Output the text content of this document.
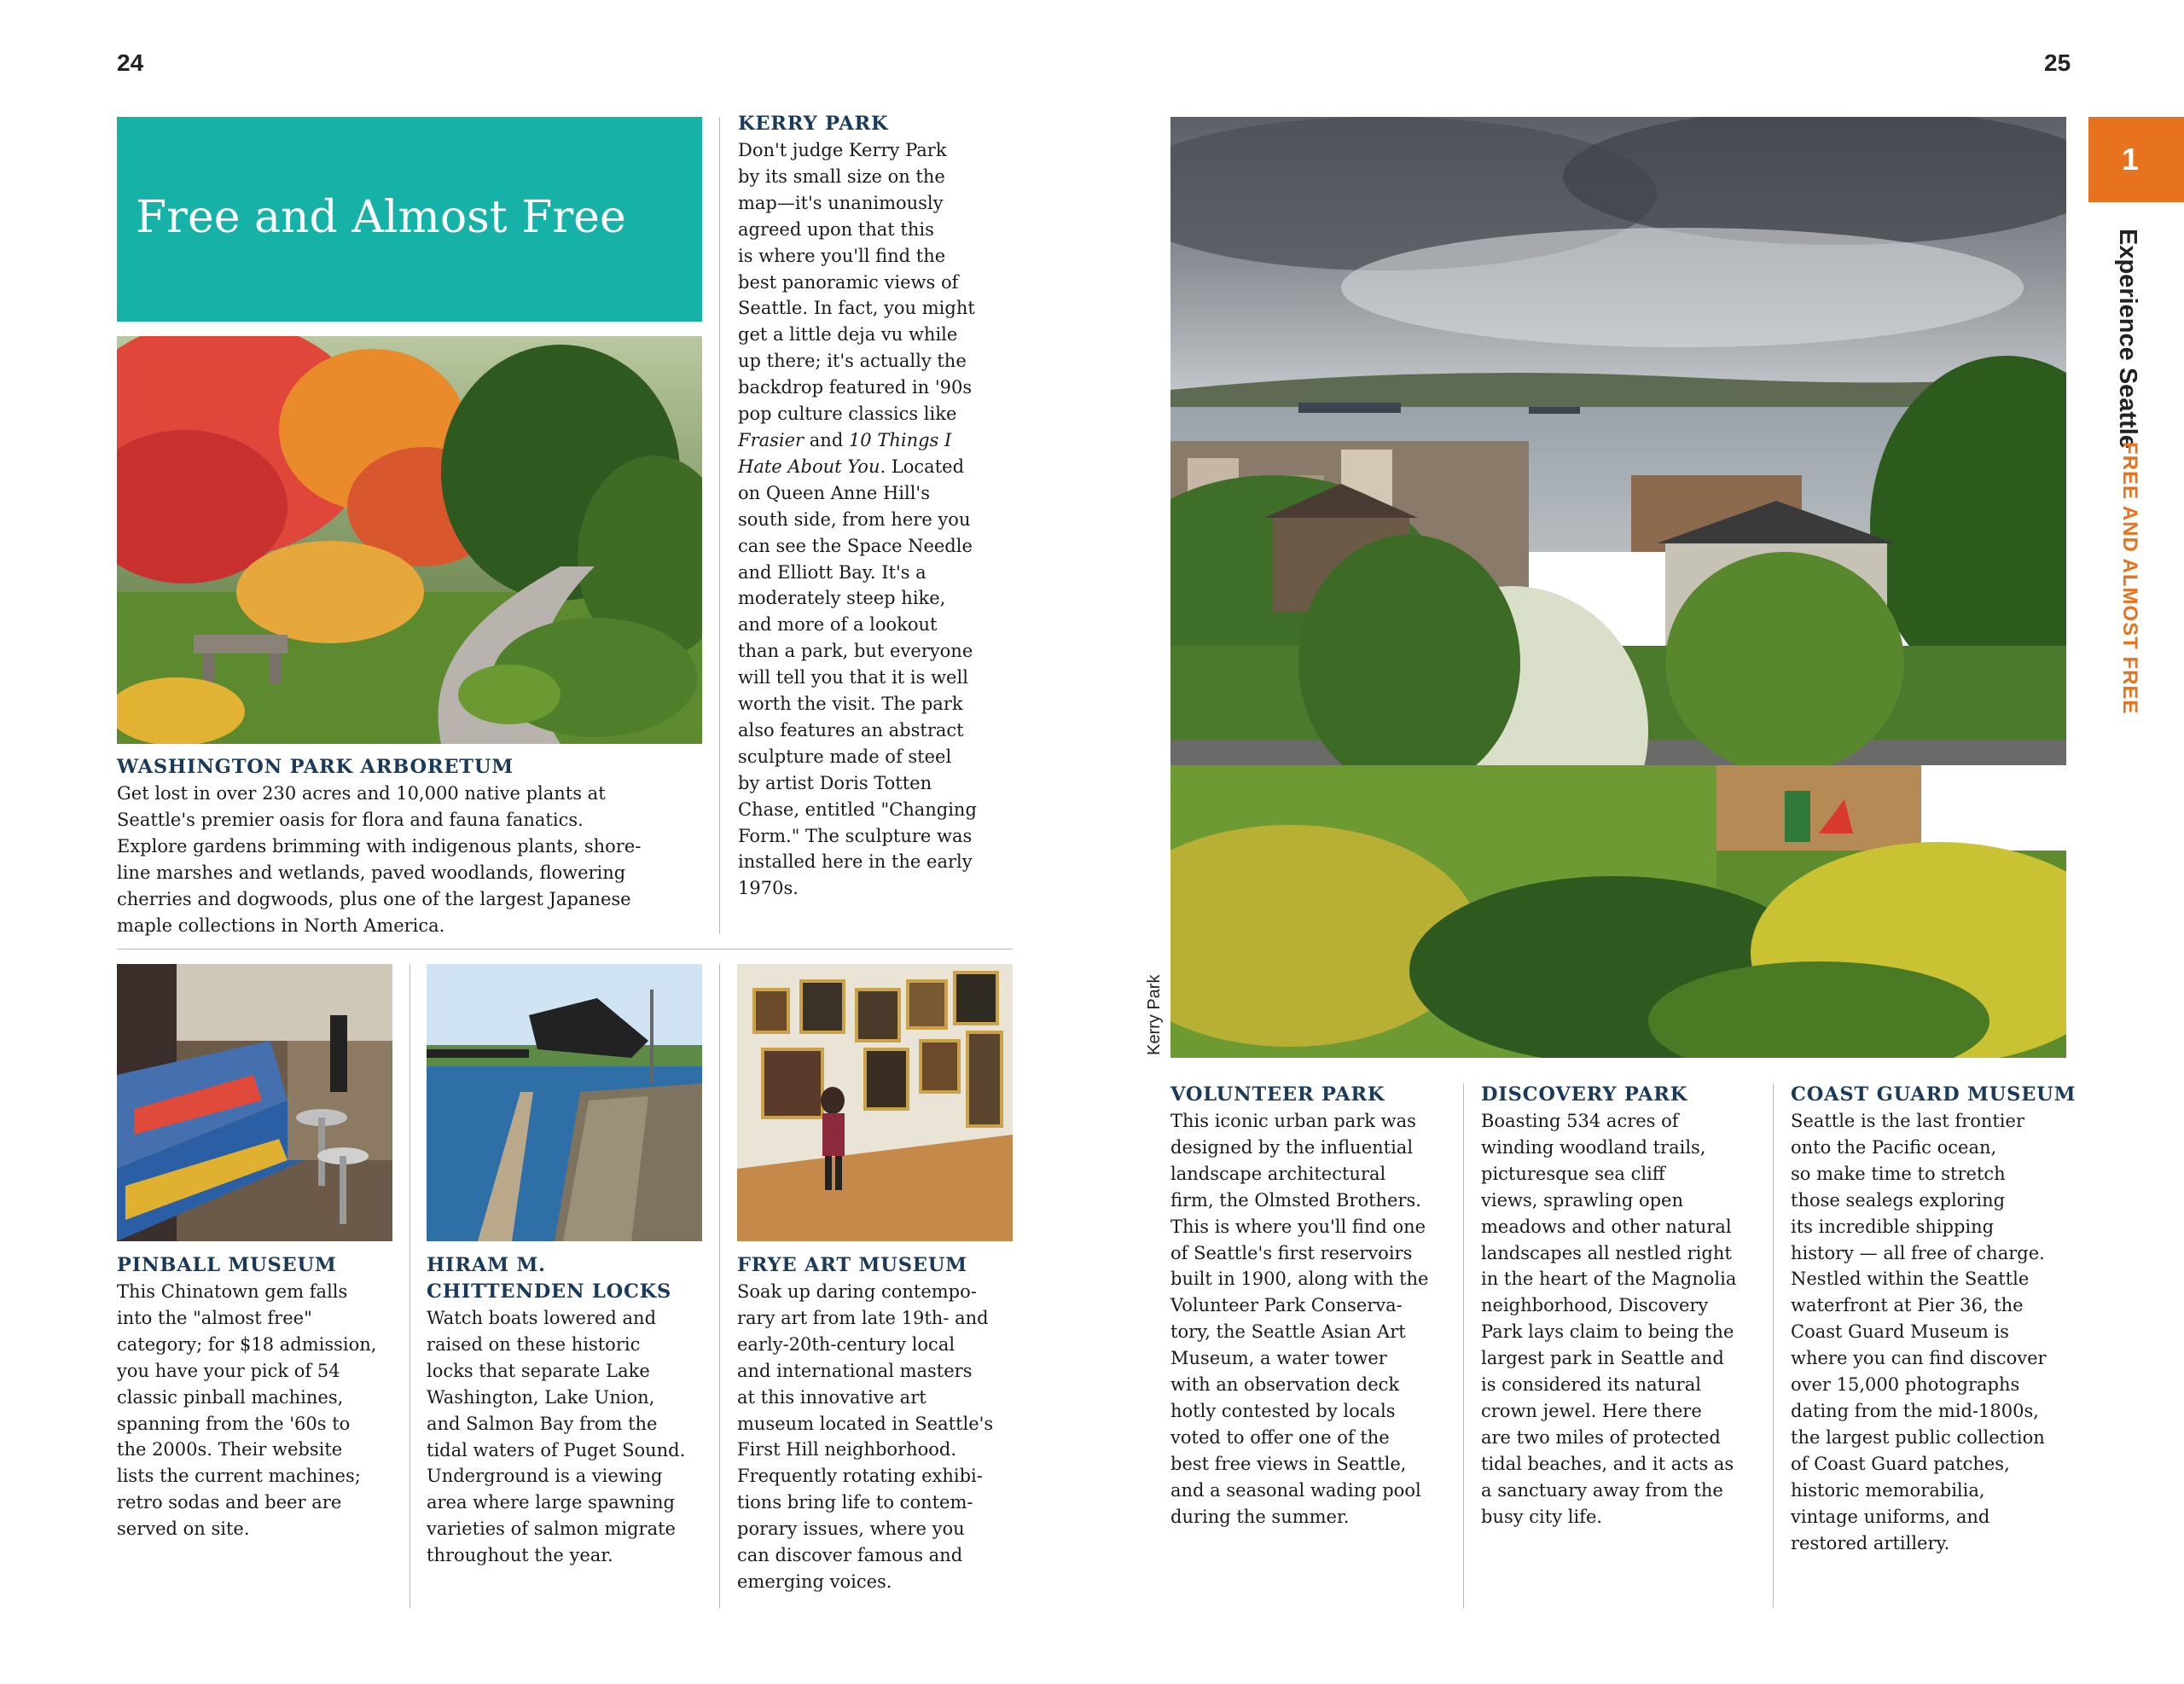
24	25
Free and Almost Free

WASHINGTON PARK ARBORETUM

Get lost in over 230 acres and 10,000 native plants at
Seattle's premier oasis for flora and fauna fanatics.
Explore gardens brimming with indigenous plants, shore-
line marshes and wetlands, paved woodlands, flowering
cherries and dogwoods, plus one of the largest Japanese
maple collections in North America.

KERRY PARK

Don't judge Kerry Park
by its small size on the
map—it's unanimously
agreed upon that this
is where you'll find the
best panoramic views of
Seattle. In fact, you might
get a little deja vu while
up there; it's actually the
backdrop featured in '90s
pop culture classics like
Frasier and 10 Things I
Hate About You. Located
on Queen Anne Hill's
south side, from here you
can see the Space Needle
and Elliott Bay. It's a
moderately steep hike,
and more of a lookout
than a park, but everyone
will tell you that it is well
worth the visit. The park
also features an abstract
sculpture made of steel
by artist Doris Totten
Chase, entitled "Changing
Form." The sculpture was
installed here in the early
1970s.

PINBALL MUSEUM

This Chinatown gem falls
into the "almost free"
category; for $18 admission,
you have your pick of 54
classic pinball machines,
spanning from the '60s to
the 2000s. Their website
lists the current machines;
retro sodas and beer are
served on site.

HIRAM M.
CHITTENDEN LOCKS

Watch boats lowered and
raised on these historic
locks that separate Lake
Washington, Lake Union,
and Salmon Bay from the
tidal waters of Puget Sound.
Underground is a viewing
area where large spawning
varieties of salmon migrate
throughout the year.

FRYE ART MUSEUM

Soak up daring contempo-
rary art from late 19th- and
early-20th-century local
and international masters
at this innovative art
museum located in Seattle's
First Hill neighborhood.
Frequently rotating exhibi-
tions bring life to contem-
porary issues, where you
can discover famous and
emerging voices.

Kerry Park
1
Experience Seattle
FREE AND ALMOST FREE

VOLUNTEER PARK

This iconic urban park was
designed by the influential
landscape architectural
firm, the Olmsted Brothers.
This is where you'll find one
of Seattle's first reservoirs
built in 1900, along with the
Volunteer Park Conserva-
tory, the Seattle Asian Art
Museum, a water tower
with an observation deck
hotly contested by locals
voted to offer one of the
best free views in Seattle,
and a seasonal wading pool
during the summer.

DISCOVERY PARK

Boasting 534 acres of
winding woodland trails,
picturesque sea cliff
views, sprawling open
meadows and other natural
landscapes all nestled right
in the heart of the Magnolia
neighborhood, Discovery
Park lays claim to being the
largest park in Seattle and
is considered its natural
crown jewel. Here there
are two miles of protected
tidal beaches, and it acts as
a sanctuary away from the
busy city life.

COAST GUARD MUSEUM

Seattle is the last frontier
onto the Pacific ocean,
so make time to stretch
those sealegs exploring
its incredible shipping
history — all free of charge.
Nestled within the Seattle
waterfront at Pier 36, the
Coast Guard Museum is
where you can find discover
over 15,000 photographs
dating from the mid-1800s,
the largest public collection
of Coast Guard patches,
historic memorabilia,
vintage uniforms, and
restored artillery.
